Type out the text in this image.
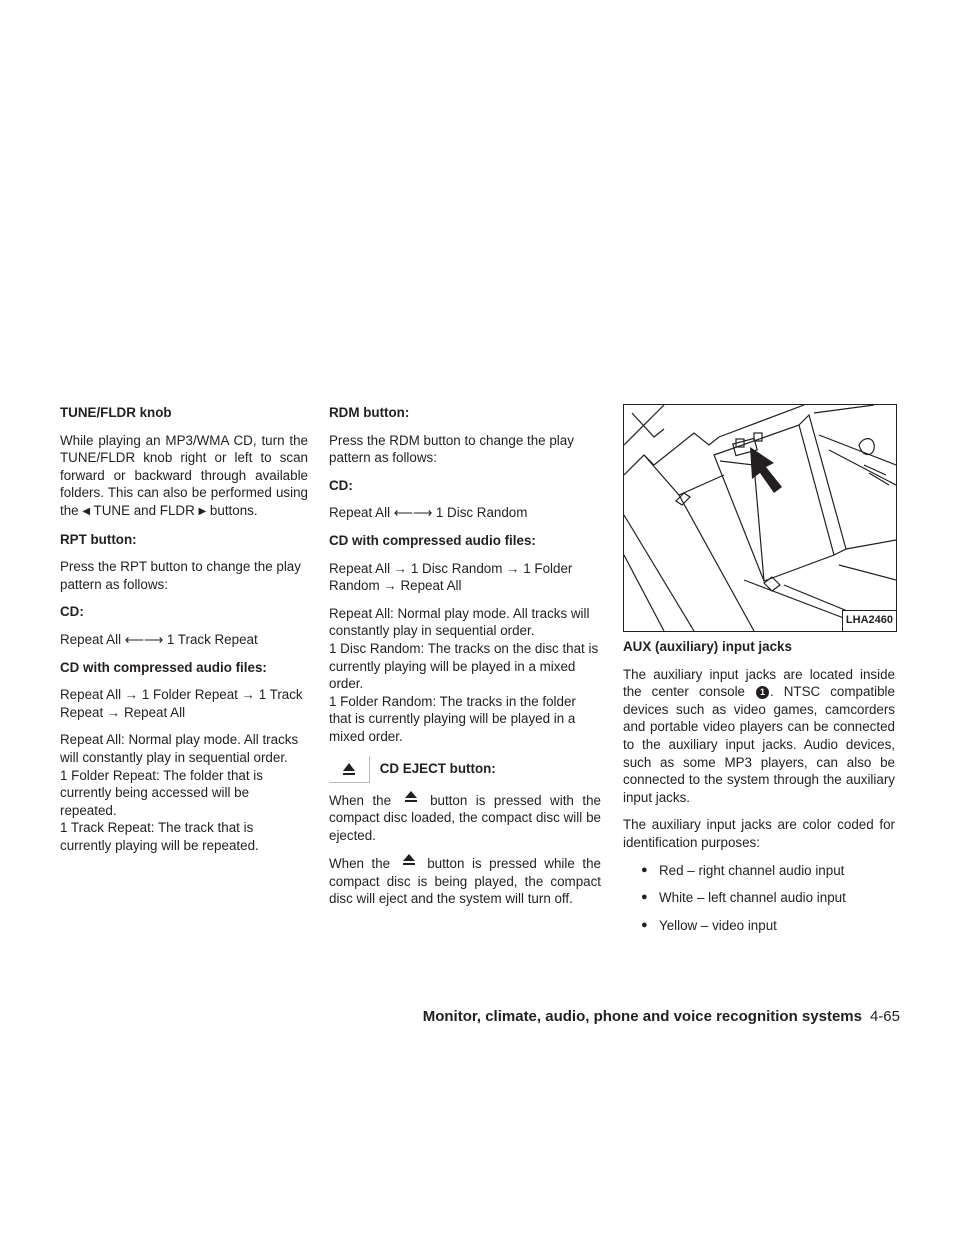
TUNE/FLDR knob

While playing an MP3/WMA CD, turn the TUNE/FLDR knob right or left to scan forward or backward through available folders. This can also be performed using the ◀ TUNE and FLDR ▶ buttons.

RPT button:

Press the RPT button to change the play pattern as follows:

CD:

Repeat All ⟵⟶ 1 Track Repeat

CD with compressed audio files:

Repeat All → 1 Folder Repeat → 1 Track Repeat → Repeat All

Repeat All: Normal play mode. All tracks will constantly play in sequential order.
1 Folder Repeat: The folder that is currently being accessed will be repeated.
1 Track Repeat: The track that is currently playing will be repeated.

RDM button:

Press the RDM button to change the play pattern as follows:

CD:

Repeat All ⟵⟶ 1 Disc Random

CD with compressed audio files:

Repeat All → 1 Disc Random → 1 Folder Random → Repeat All

Repeat All: Normal play mode. All tracks will constantly play in sequential order.
1 Disc Random: The tracks on the disc that is currently playing will be played in a mixed order.
1 Folder Random: The tracks in the folder that is currently playing will be played in a mixed order.

CD EJECT button:

When the	button is pressed with the compact disc loaded, the compact disc will be ejected.

When the	button is pressed while the compact disc is being played, the compact disc will eject and the system will turn off.

LHA2460

AUX (auxiliary) input jacks

The auxiliary input jacks are located inside the center console 1 . NTSC compatible devices such as video games, camcorders and portable video players can be connected to the auxiliary input jacks. Audio devices, such as some MP3 players, can also be connected to the system through the auxiliary input jacks.

The auxiliary input jacks are color coded for identification purposes:

● Red – right channel audio input
● White – left channel audio input
● Yellow – video input
Monitor, climate, audio, phone and voice recognition systems 4-65
